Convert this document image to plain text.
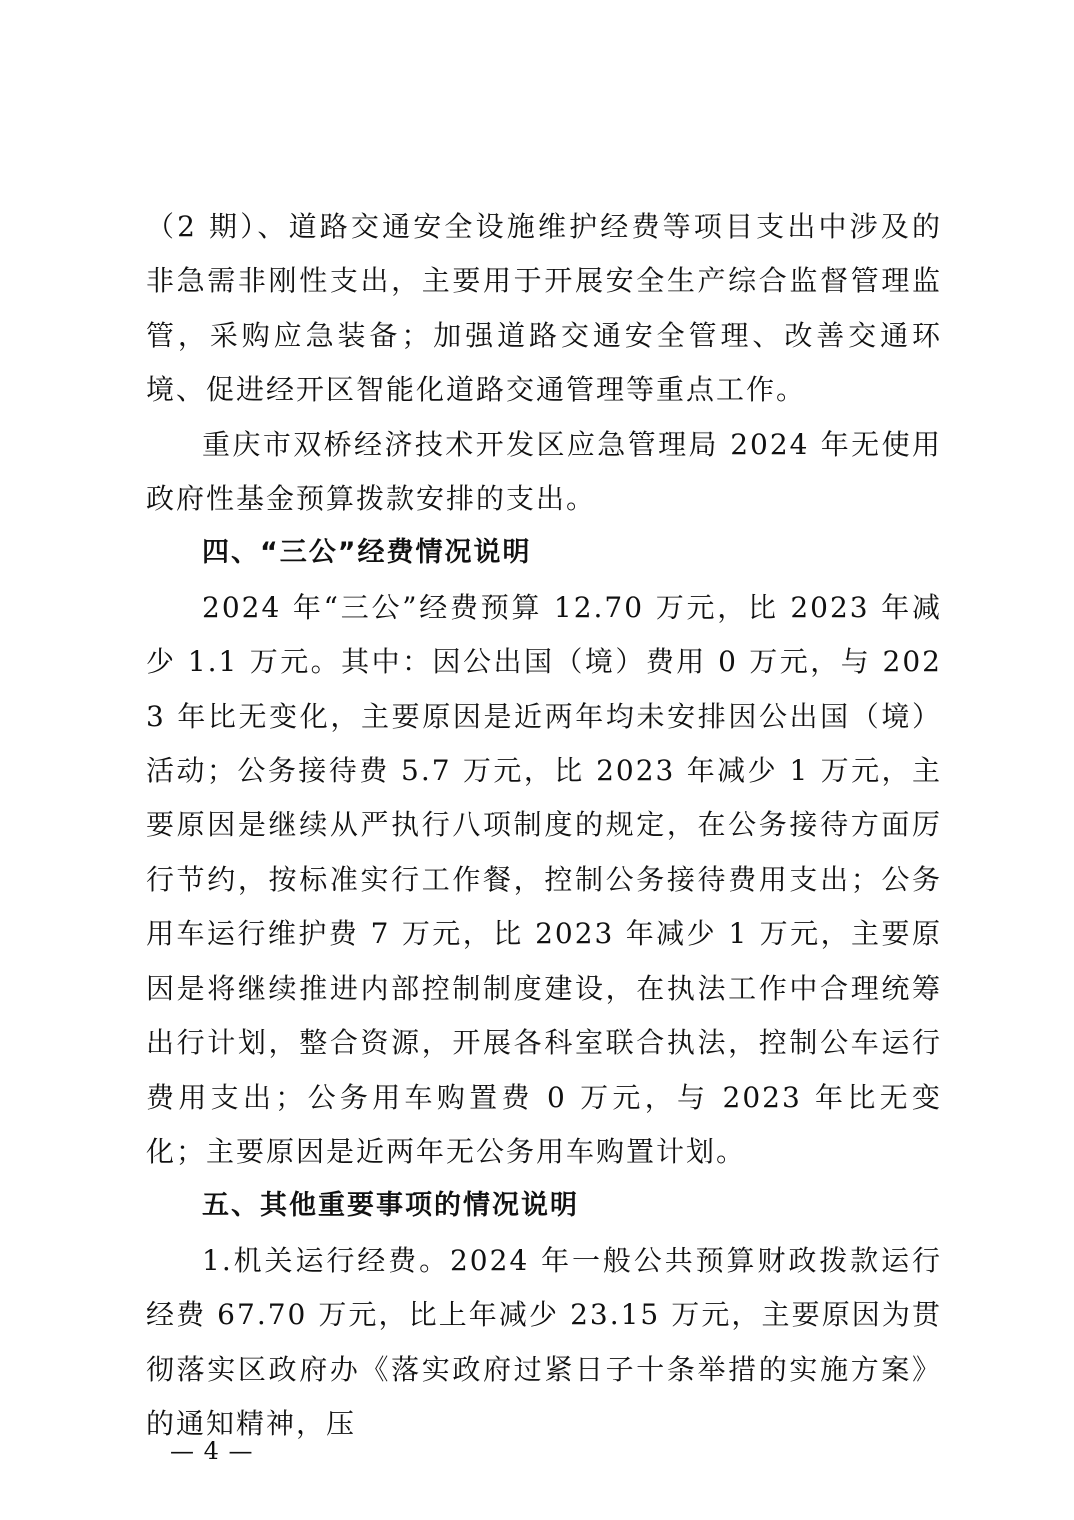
（2 期）、道路交通安全设施维护经费等项目支出中涉及的非急需非刚性支出，主要用于开展安全生产综合监督管理监管，采购应急装备；加强道路交通安全管理、改善交通环境、促进经开区智能化道路交通管理等重点工作。

重庆市双桥经济技术开发区应急管理局 2024 年无使用政府性基金预算拨款安排的支出。

四、“三公”经费情况说明

2024 年“三公”经费预算 12.70 万元，比 2023 年减少 1.1 万元。其中：因公出国（境）费用 0 万元，与 2023 年比无变化，主要原因是近两年均未安排因公出国（境）活动；公务接待费 5.7 万元，比 2023 年减少 1 万元，主要原因是继续从严执行八项制度的规定，在公务接待方面厉行节约，按标准实行工作餐，控制公务接待费用支出；公务用车运行维护费 7 万元，比 2023 年减少 1 万元，主要原因是将继续推进内部控制制度建设，在执法工作中合理统筹出行计划，整合资源，开展各科室联合执法，控制公车运行费用支出；公务用车购置费 0 万元，与 2023 年比无变化；主要原因是近两年无公务用车购置计划。

五、其他重要事项的情况说明

1.机关运行经费。2024 年一般公共预算财政拨款运行经费 67.70 万元，比上年减少 23.15 万元，主要原因为贯彻落实区政府办《落实政府过紧日子十条举措的实施方案》的通知精神，压

— 4 —
